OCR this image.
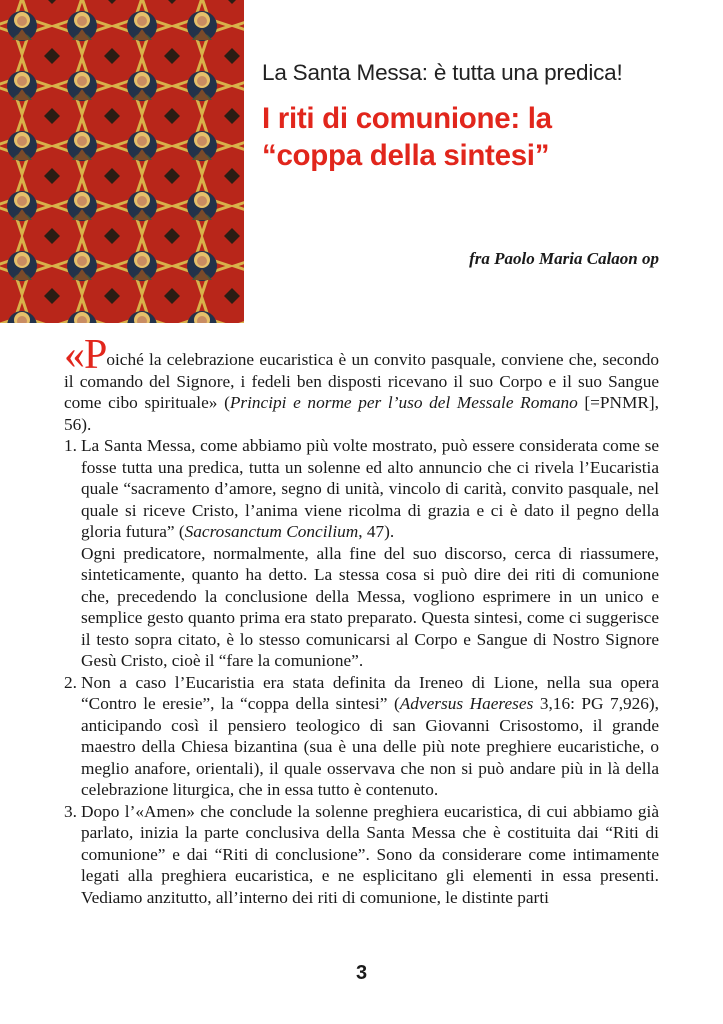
La Santa Messa: è tutta una predica!

I riti di comunione: la
“coppa della sintesi”
fra Paolo Maria Calaon op

«Poiché la celebrazione eucaristica è un convito pasquale, conviene che, secondo il comando del Signore, i fedeli ben disposti ricevano il suo Corpo e il suo Sangue come cibo spirituale» (Principi e norme per l’uso del Messale Romano [=PNMR], 56).

1. La Santa Messa, come abbiamo più volte mostrato, può essere considerata come se fosse tutta una predica, tutta un solenne ed alto annuncio che ci rivela l’Eucaristia quale “sacramento d’amore, segno di unità, vincolo di carità, convito pasquale, nel quale si riceve Cristo, l’anima viene ricolma di grazia e ci è dato il pegno della gloria futura” (Sacrosanctum Concilium, 47).
Ogni predicatore, normalmente, alla fine del suo discorso, cerca di riassumere, sinteticamente, quanto ha detto. La stessa cosa si può dire dei riti di comunione che, precedendo la conclusione della Messa, vogliono esprimere in un unico e semplice gesto quanto prima era stato preparato. Questa sintesi, come ci suggerisce il testo sopra citato, è lo stesso comunicarsi al Corpo e Sangue di Nostro Signore Gesù Cristo, cioè il “fare la comunione”.
2. Non a caso l’Eucaristia era stata definita da Ireneo di Lione, nella sua opera “Contro le eresie”, la “coppa della sintesi” (Adversus Haereses 3,16: PG 7,926), anticipando così il pensiero teologico di san Giovanni Crisostomo, il grande maestro della Chiesa bizantina (sua è una delle più note preghiere eucaristiche, o meglio anafore, orientali), il quale osservava che non si può andare più in là della celebrazione liturgica, che in essa tutto è contenuto.
3. Dopo l’«Amen» che conclude la solenne preghiera eucaristica, di cui abbiamo già parlato, inizia la parte conclusiva della Santa Messa che è costituita dai “Riti di comunione” e dai “Riti di conclusione”. Sono da considerare come intimamente legati alla preghiera eucaristica, e ne esplicitano gli elementi in essa presenti. Vediamo anzitutto, all’interno dei riti di comunione, le distinte parti
3
